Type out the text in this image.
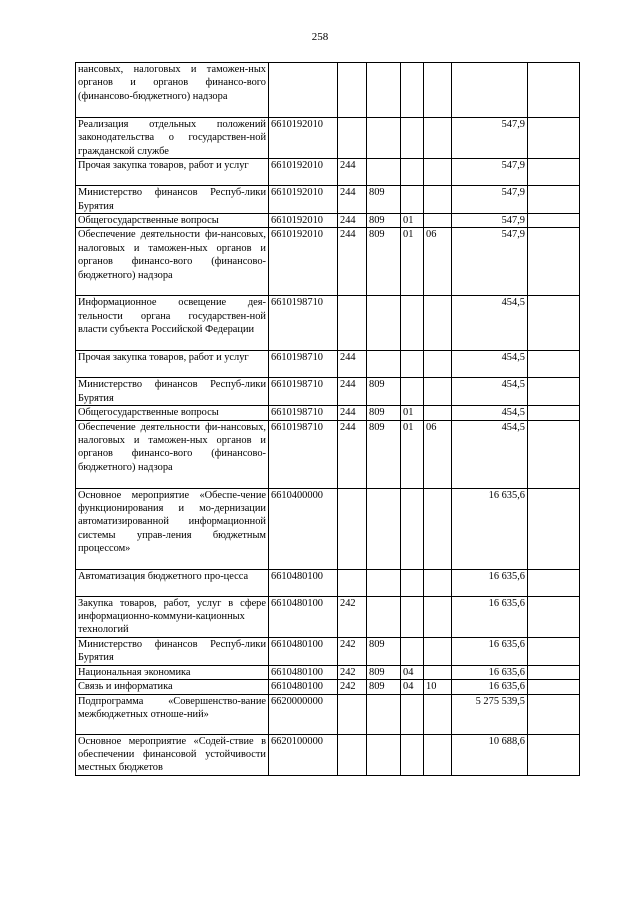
258
нансовых, налоговых и таможен-ных органов и органов финансо-вого (финансово-бюджетного) надзора							
Реализация отдельных положений законодательства о государствен-ной гражданской службе	6610192010					547,9	
Прочая закупка товаров, работ и услуг	6610192010	244				547,9	
Министерство финансов Респуб-лики Бурятия	6610192010	244	809			547,9	
Общегосударственные вопросы	6610192010	244	809	01		547,9	
Обеспечение деятельности фи-нансовых, налоговых и таможен-ных органов и органов финансо-вого (финансово-бюджетного) надзора	6610192010	244	809	01	06	547,9	
Информационное освещение дея-тельности органа государствен-ной власти субъекта Российской Федерации	6610198710					454,5	
Прочая закупка товаров, работ и услуг	6610198710	244				454,5	
Министерство финансов Респуб-лики Бурятия	6610198710	244	809			454,5	
Общегосударственные вопросы	6610198710	244	809	01		454,5	
Обеспечение деятельности фи-нансовых, налоговых и таможен-ных органов и органов финансо-вого (финансово-бюджетного) надзора	6610198710	244	809	01	06	454,5	
Основное мероприятие «Обеспе-чение функционирования и мо-дернизации автоматизированной информационной системы управ-ления бюджетным процессом»	6610400000					16 635,6	
Автоматизация бюджетного про-цесса	6610480100					16 635,6	
Закупка товаров, работ, услуг в сфере информационно-коммуни-кационных технологий	6610480100	242				16 635,6	
Министерство финансов Респуб-лики Бурятия	6610480100	242	809			16 635,6	
Национальная экономика	6610480100	242	809	04		16 635,6	
Связь и информатика	6610480100	242	809	04	10	16 635,6	
Подпрограмма «Совершенство-вание межбюджетных отноше-ний»	6620000000					5 275 539,5	
Основное мероприятие «Содей-ствие в обеспечении финансовой устойчивости местных бюджетов	6620100000					10 688,6	
